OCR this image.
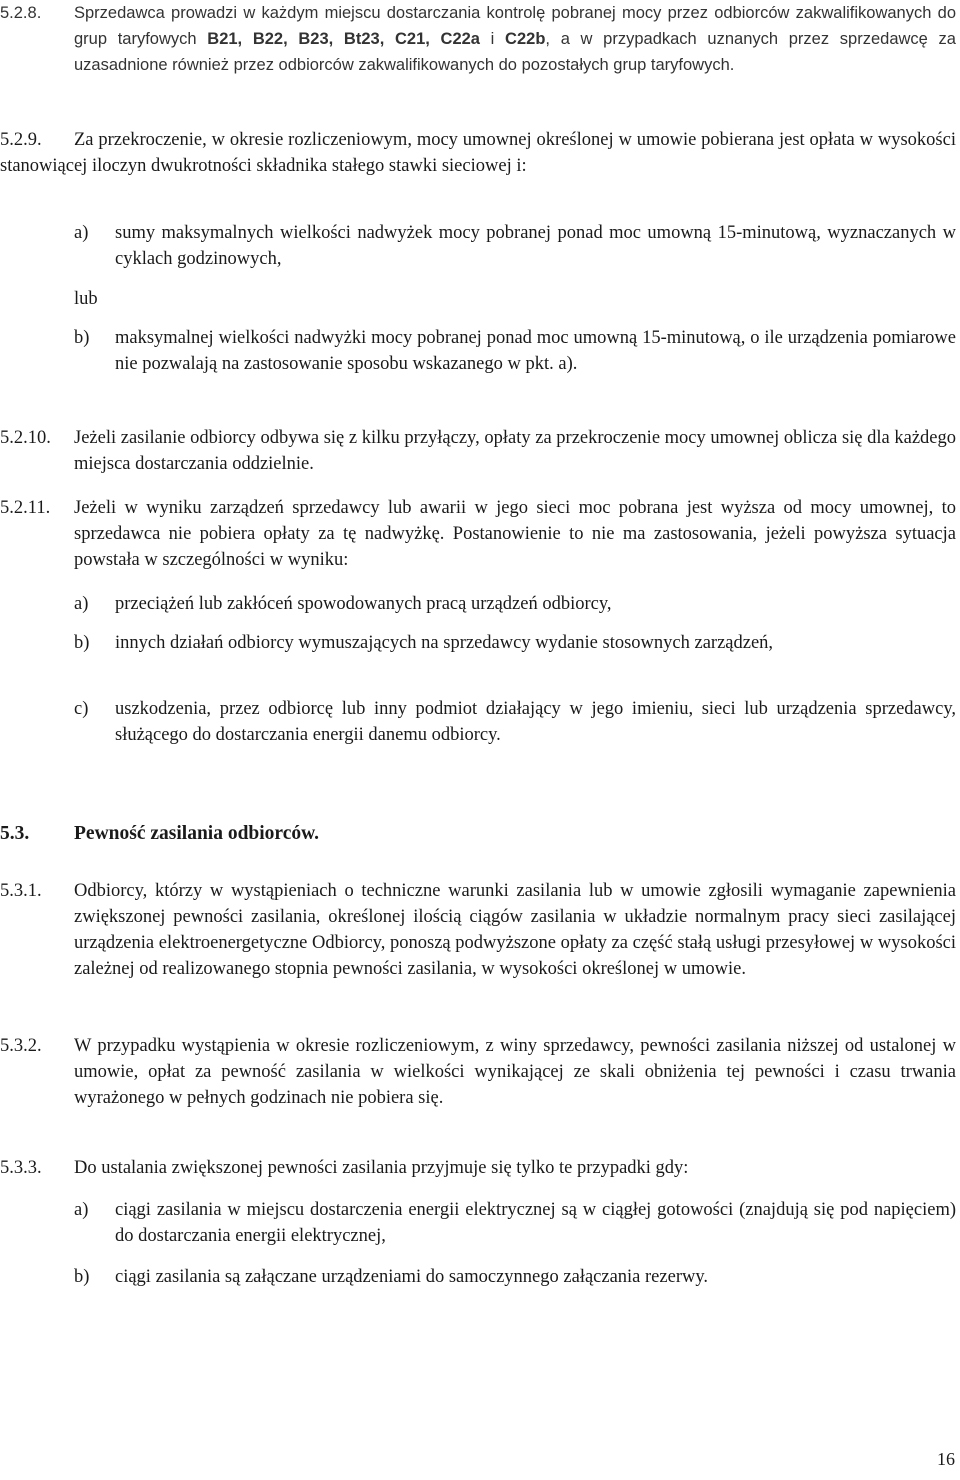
5.2.8. Sprzedawca prowadzi w każdym miejscu dostarczania kontrolę pobranej mocy przez odbiorców zakwalifikowanych do grup taryfowych B21, B22, B23, Bt23, C21, C22a i C22b, a w przypadkach uznanych przez sprzedawcę za uzasadnione również przez odbiorców zakwalifikowanych do pozostałych grup taryfowych.
5.2.9.	Za przekroczenie, w okresie rozliczeniowym, mocy umownej określonej w umowie pobierana jest opłata w wysokości stanowiącej iloczyn dwukrotności składnika stałego stawki sieciowej i:
a) sumy maksymalnych wielkości nadwyżek mocy pobranej ponad moc umowną 15-minutową, wyznaczanych w cyklach godzinowych,
lub
b) maksymalnej wielkości nadwyżki mocy pobranej ponad moc umowną 15-minutową, o ile urządzenia pomiarowe nie pozwalają na zastosowanie sposobu wskazanego w pkt. a).
5.2.10. Jeżeli zasilanie odbiorcy odbywa się z kilku przyłączy, opłaty za przekroczenie mocy umownej oblicza się dla każdego miejsca dostarczania oddzielnie.
5.2.11. Jeżeli w wyniku zarządzeń sprzedawcy lub awarii w jego sieci moc pobrana jest wyższa od mocy umownej, to sprzedawca nie pobiera opłaty za tę nadwyżkę. Postanowienie to nie ma zastosowania, jeżeli powyższa sytuacja powstała w szczególności w wyniku:
a) przeciążeń lub zakłóceń spowodowanych pracą urządzeń odbiorcy,
b) innych działań odbiorcy wymuszających na sprzedawcy wydanie stosownych zarządzeń,
c) uszkodzenia, przez odbiorcę lub inny podmiot działający w jego imieniu, sieci lub urządzenia sprzedawcy, służącego do dostarczania energii danemu odbiorcy.
5.3. Pewność zasilania odbiorców.
5.3.1. Odbiorcy, którzy w wystąpieniach o techniczne warunki zasilania lub w umowie zgłosili wymaganie zapewnienia zwiększonej pewności zasilania, określonej ilością ciągów zasilania w układzie normalnym pracy sieci zasilającej urządzenia elektroenergetyczne Odbiorcy, ponoszą podwyższone opłaty za część stałą usługi przesyłowej w wysokości zależnej od realizowanego stopnia pewności zasilania, w wysokości określonej w umowie.
5.3.2. W przypadku wystąpienia w okresie rozliczeniowym, z winy sprzedawcy, pewności zasilania niższej od ustalonej w umowie, opłat za pewność zasilania w wielkości wynikającej ze skali obniżenia tej pewności i czasu trwania wyrażonego w pełnych godzinach nie pobiera się.
5.3.3. Do ustalania zwiększonej pewności zasilania przyjmuje się tylko te przypadki gdy:
a) ciągi zasilania w miejscu dostarczenia energii elektrycznej są w ciągłej gotowości (znajdują się pod napięciem) do dostarczania energii elektrycznej,
b) ciągi zasilania są załączane urządzeniami do samoczynnego załączania rezerwy.
16
